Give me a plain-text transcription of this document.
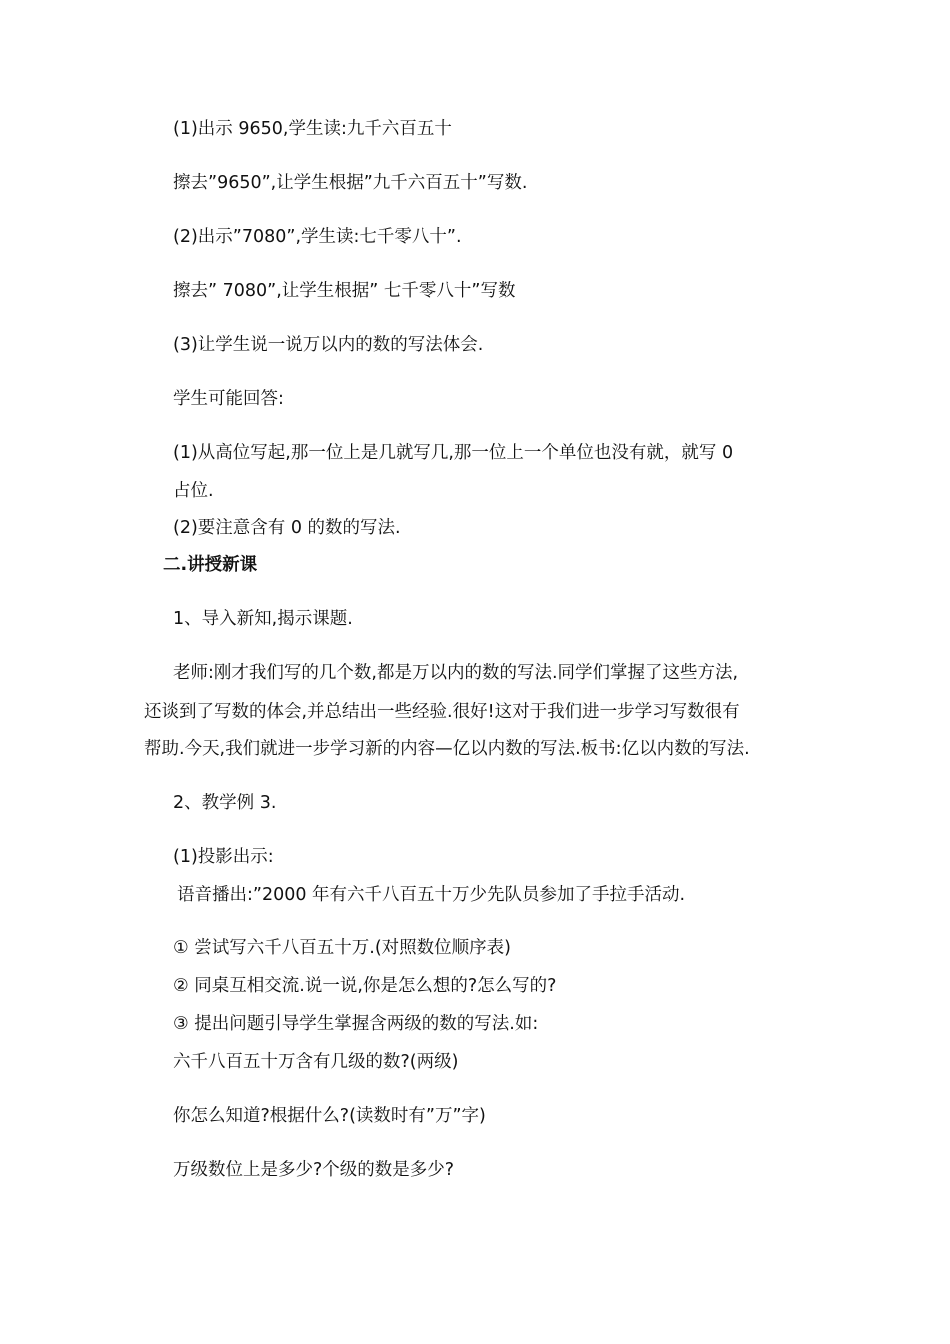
(1)出示 9650,学生读:九千六百五十
擦去”9650”,让学生根据”九千六百五十”写数.
(2)出示”7080”,学生读:七千零八十”.
擦去” 7080”,让学生根据” 七千零八十”写数
(3)让学生说一说万以内的数的写法体会.
学生可能回答:
(1)从高位写起,那一位上是几就写几,那一位上一个单位也没有就，就写 0
占位.
(2)要注意含有 0 的数的写法.
二.讲授新课
1、导入新知,揭示课题.
老师:刚才我们写的几个数,都是万以内的数的写法.同学们掌握了这些方法,
还谈到了写数的体会,并总结出一些经验.很好!这对于我们进一步学习写数很有
帮助.今天,我们就进一步学习新的内容—亿以内数的写法.板书:亿以内数的写法.
2、教学例 3.
(1)投影出示:
语音播出:”2000 年有六千八百五十万少先队员参加了手拉手活动.
① 尝试写六千八百五十万.(对照数位顺序表)
② 同桌互相交流.说一说,你是怎么想的?怎么写的?
③ 提出问题引导学生掌握含两级的数的写法.如:
六千八百五十万含有几级的数?(两级)
你怎么知道?根据什么?(读数时有”万”字)
万级数位上是多少?个级的数是多少?
